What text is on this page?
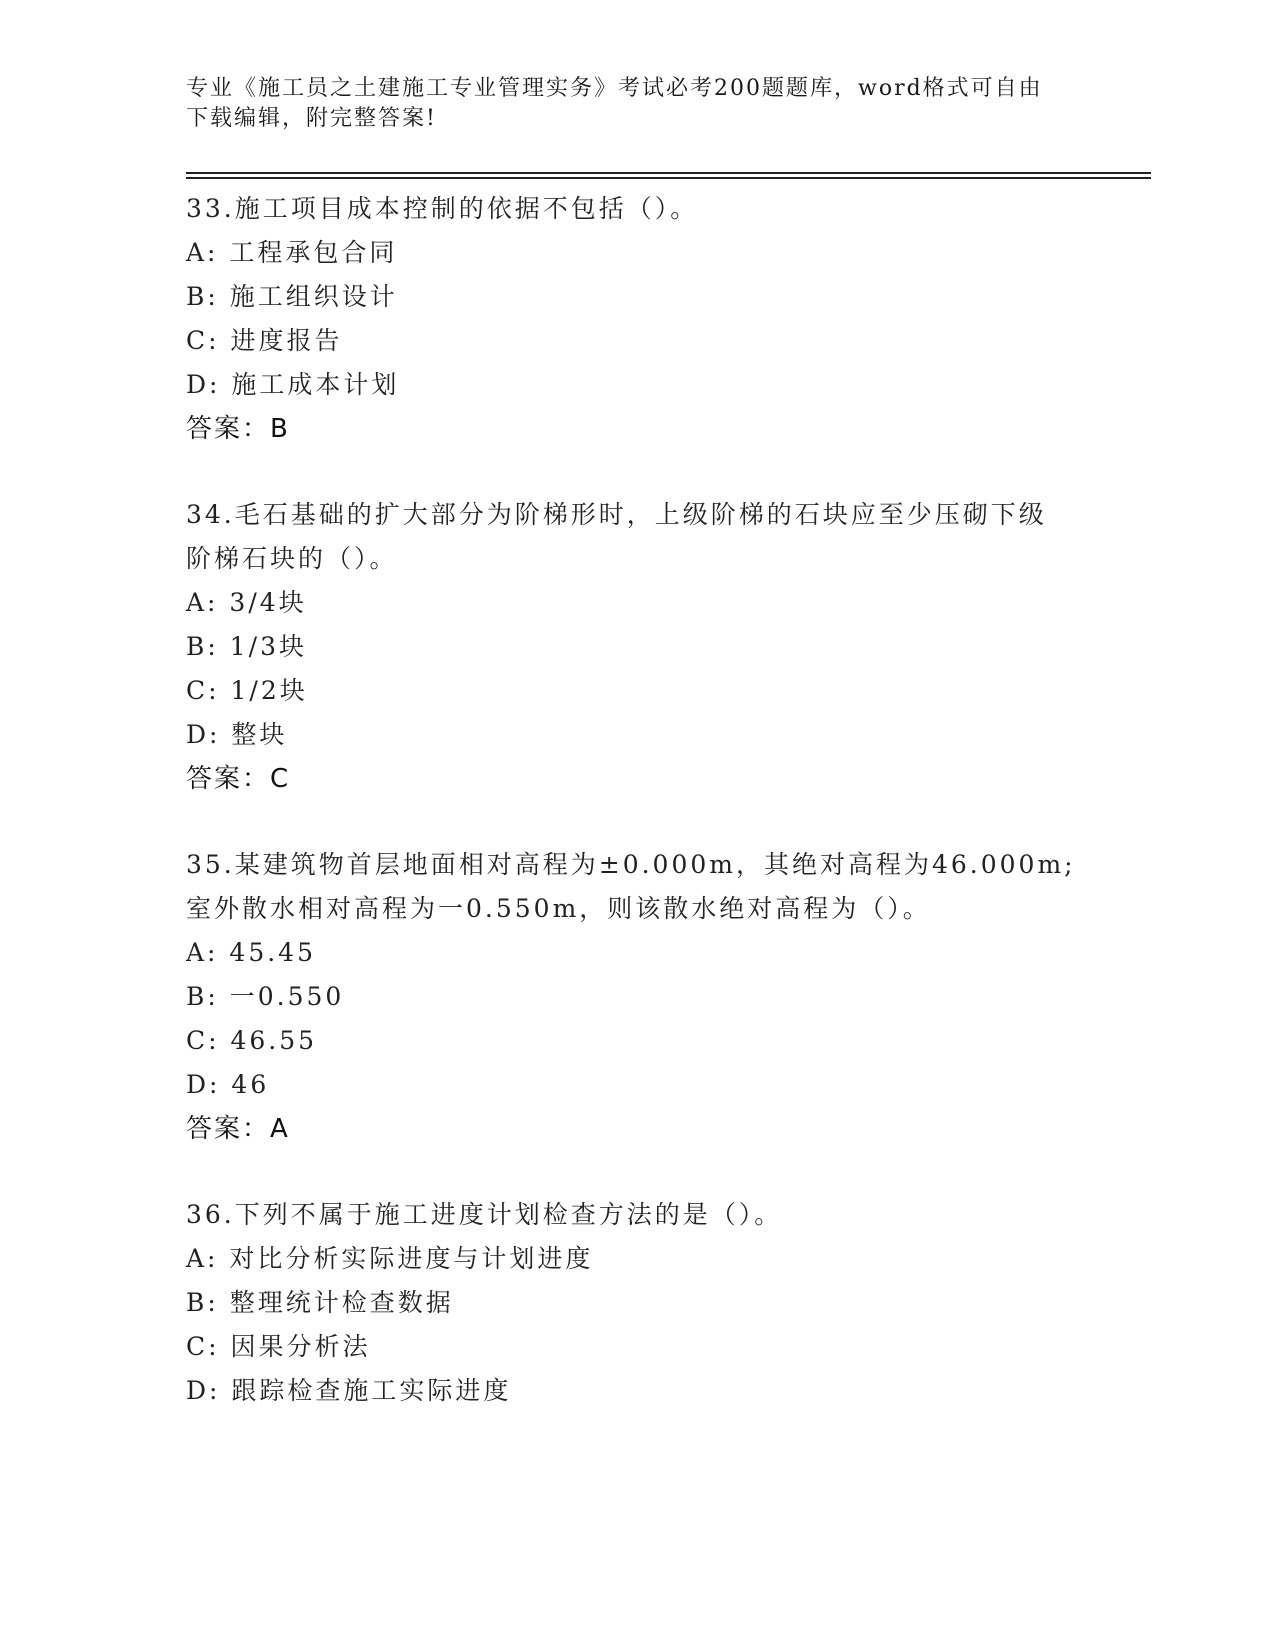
专业《施工员之土建施工专业管理实务》考试必考200题题库，word格式可自由
下载编辑，附完整答案!
33.施工项目成本控制的依据不包括（）。
A: 工程承包合同
B: 施工组织设计
C: 进度报告
D: 施工成本计划
答案：B
34.毛石基础的扩大部分为阶梯形时，上级阶梯的石块应至少压砌下级
阶梯石块的（）。
A: 3/4块
B: 1/3块
C: 1/2块
D: 整块
答案：C
35.某建筑物首层地面相对高程为±0.000m，其绝对高程为46.000m;
室外散水相对高程为一0.550m，则该散水绝对高程为（）。
A: 45.45
B: 一0.550
C: 46.55
D: 46
答案：A
36.下列不属于施工进度计划检查方法的是（）。
A: 对比分析实际进度与计划进度
B: 整理统计检查数据
C: 因果分析法
D: 跟踪检查施工实际进度
